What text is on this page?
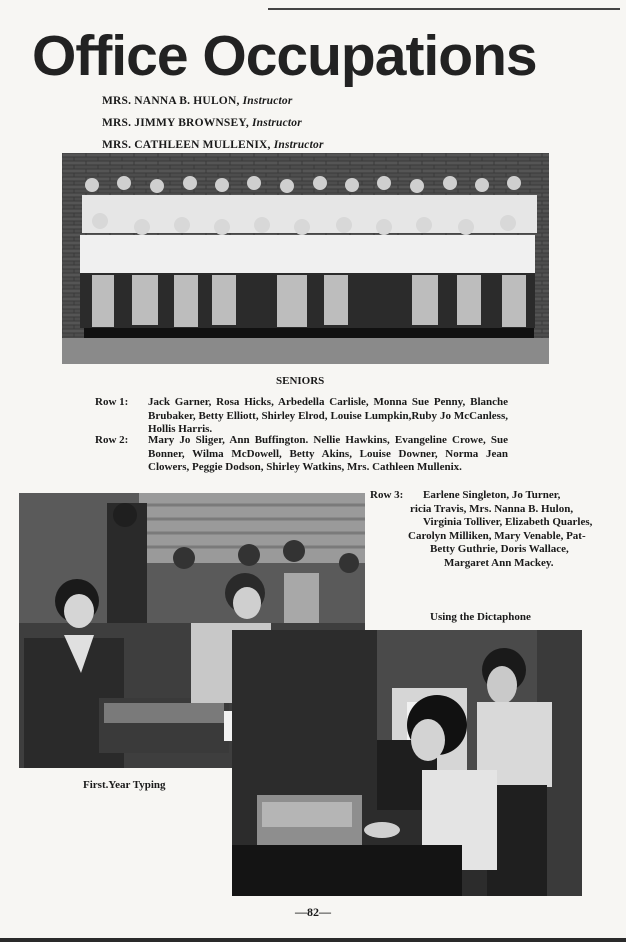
Office Occupations
MRS. NANNA B. HULON, Instructor
MRS. JIMMY BROWNSEY, Instructor
MRS. CATHLEEN MULLENIX, Instructor
SENIORS
Row 1: Jack Garner, Rosa Hicks, Arbedella Carlisle, Monna Sue Penny, Blanche Brubaker, Betty Elliott, Shirley Elrod, Louise Lumpkin,Ruby Jo McCanless, Hollis Harris.
Row 2: Mary Jo Sliger, Ann Buffington. Nellie Hawkins, Evangeline Crowe, Sue Bonner, Wilma McDowell, Betty Akins, Louise Downer, Norma Jean Clowers, Peggie Dodson, Shirley Watkins, Mrs. Cathleen Mullenix.
Row 3: Earlene Singleton, Jo Turner,
ricia Travis, Mrs. Nanna B. Hulon,
Virginia Tolliver, Elizabeth Quarles,
Carolyn Milliken, Mary Venable, Pat-
Betty Guthrie, Doris Wallace,
Margaret Ann Mackey.
Using the Dictaphone
First.Year Typing
—82—
